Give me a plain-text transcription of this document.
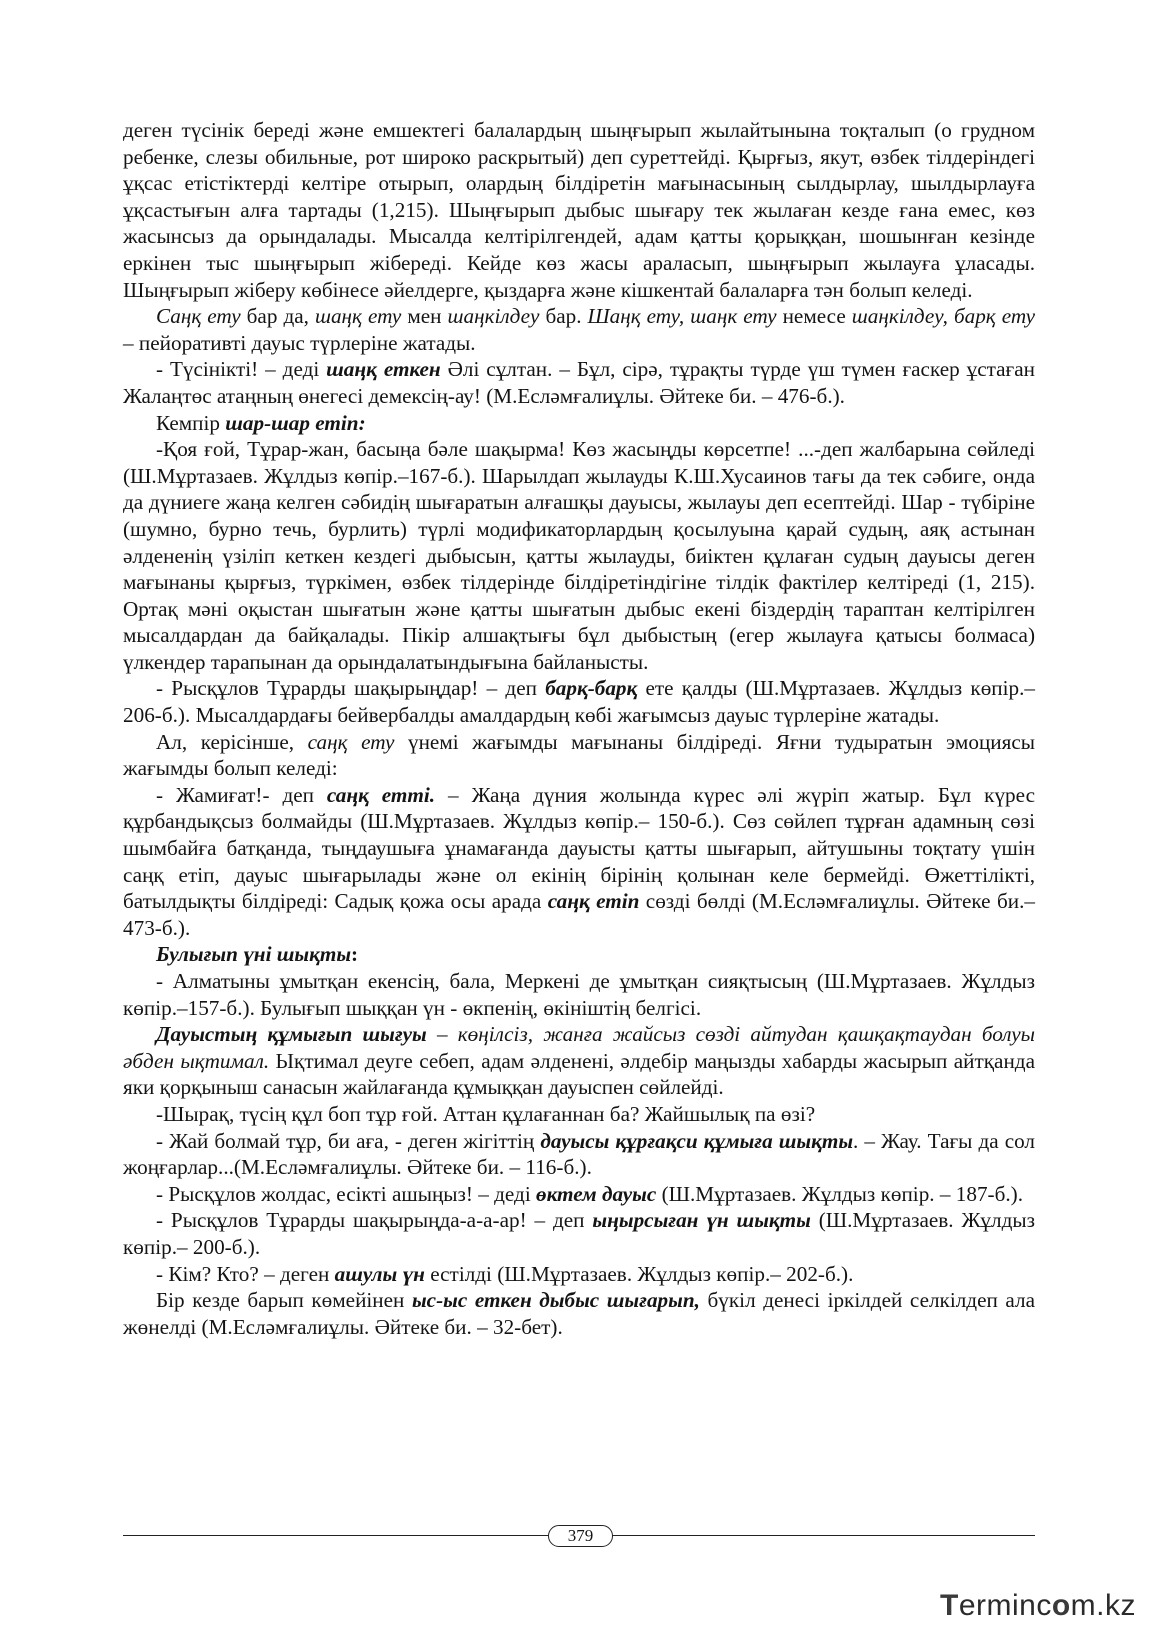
деген түсінік береді және емшектегі балалардың шыңғырып жылайтынына тоқталып (о грудном ребенке, слезы обильные, рот широко раскрытый) деп суреттейді. Қырғыз, якут, өзбек тілдеріндегі ұқсас етістіктерді келтіре отырып, олардың білдіретін мағынасының сылдырлау, шылдырлауға ұқсастығын алға тартады (1,215). Шыңғырып дыбыс шығару тек жылаған кезде ғана емес, көз жасынсыз да орындалады. Мысалда келтірілгендей, адам қатты қорыққан, шошынған кезінде еркінен тыс шыңғырып жібереді. Кейде көз жасы араласып, шыңғырып жылауға ұласады. Шыңғырып жіберу көбінесе әйелдерге, қыздарға және кішкентай балаларға тән болып келеді.

Саңқ ету бар да, шаңқ ету мен шаңкілдеу бар. Шаңқ ету, шаңк ету немесе шаңкілдеу, барқ ету – пейоративті дауыс түрлеріне жатады.

- Түсінікті! – деді шаңқ еткен Әлі сұлтан. – Бұл, сірә, тұрақты түрде үш түмен ғаскер ұстаған Жалаңтөс атаңның өнегесі демексің-ау! (М.Есләмғалиұлы. Әйтеке би. – 476-б.).

Кемпір шар-шар етіп:

-Қоя ғой, Тұрар-жан, басыңа бәле шақырма! Көз жасыңды көрсетпе! ...-деп жалбарына сөйледі (Ш.Мұртазаев. Жұлдыз көпір.–167-б.). Шарылдап жылауды К.Ш.Хусаинов тағы да тек сәбиге, онда да дүниеге жаңа келген сәбидің шығаратын алғашқы дауысы, жылауы деп есептейді. Шар - түбіріне (шумно, бурно течь, бурлить) түрлі модификаторлардың қосылуына қарай судың, аяқ астынан әлдененің үзіліп кеткен кездегі дыбысын, қатты жылауды, биіктен құлаған судың дауысы деген мағынаны қырғыз, түркімен, өзбек тілдерінде білдіретіндігіне тілдік фактілер келтіреді (1, 215). Ортақ мәні оқыстан шығатын және қатты шығатын дыбыс екені біздердің тараптан келтірілген мысалдардан да байқалады. Пікір алшақтығы бұл дыбыстың (егер жылауға қатысы болмаса) үлкендер тарапынан да орындалатындығына байланысты.

- Рысқұлов Тұрарды шақырыңдар! – деп барқ-барқ ете қалды (Ш.Мұртазаев. Жұлдыз көпір.–206-б.). Мысалдардағы бейвербалды амалдардың көбі жағымсыз дауыс түрлеріне жатады.

Ал, керісінше, саңқ ету үнемі жағымды мағынаны білдіреді. Яғни тудыратын эмоциясы жағымды болып келеді:

- Жамиғат!- деп саңқ етті. – Жаңа дүния жолында күрес әлі жүріп жатыр. Бұл күрес құрбандықсыз болмайды (Ш.Мұртазаев. Жұлдыз көпір.– 150-б.). Сөз сөйлеп тұрған адамның сөзі шымбайға батқанда, тыңдаушыға ұнамағанда дауысты қатты шығарып, айтушыны тоқтату үшін саңқ етіп, дауыс шығарылады және ол екінің бірінің қолынан келе бермейді. Өжеттілікті, батылдықты білдіреді: Садық қожа осы арада саңқ етіп сөзді бөлді (М.Есләмғалиұлы. Әйтеке би.–473-б.).

Булығып үні шықты:

- Алматыны ұмытқан екенсің, бала, Меркені де ұмытқан сияқтысың (Ш.Мұртазаев. Жұлдыз көпір.–157-б.). Булығып шыққан үн - өкпенің, өкініштің белгісі.

Дауыстың құмығып шығуы – көңілсіз, жанға жайсыз сөзді айтудан қашқақтаудан болуы әбден ықтимал. Ықтимал деуге себеп, адам әлдененi, әлдебір маңызды хабарды жасырып айтқанда яки қорқыныш санасын жайлағанда құмыққан дауыспен сөйлейді.

-Шырақ, түсің құл боп тұр ғой. Аттан құлағаннан ба? Жайшылық па өзі?

- Жай болмай тұр, би аға, - деген жігіттің дауысы құрғақси құмыға шықты. – Жау. Тағы да сол жоңғарлар...(М.Есләмғалиұлы. Әйтеке би. – 116-б.).

- Рысқұлов жолдас, есікті ашыңыз! – деді өктем дауыс (Ш.Мұртазаев. Жұлдыз көпір. – 187-б.).

- Рысқұлов Тұрарды шақырыңда-а-а-ар! – деп ыңырсыған үн шықты (Ш.Мұртазаев. Жұлдыз көпір.– 200-б.).

- Кім? Кто? – деген ашулы үн естілді (Ш.Мұртазаев. Жұлдыз көпір.– 202-б.).

Бір кезде барып көмейінен ыс-ыс еткен дыбыс шығарып, бүкіл денесі іркілдей селкілдеп ала жөнелді (М.Есләмғалиұлы. Әйтеке би. – 32-бет).

379
Termincom.kz
